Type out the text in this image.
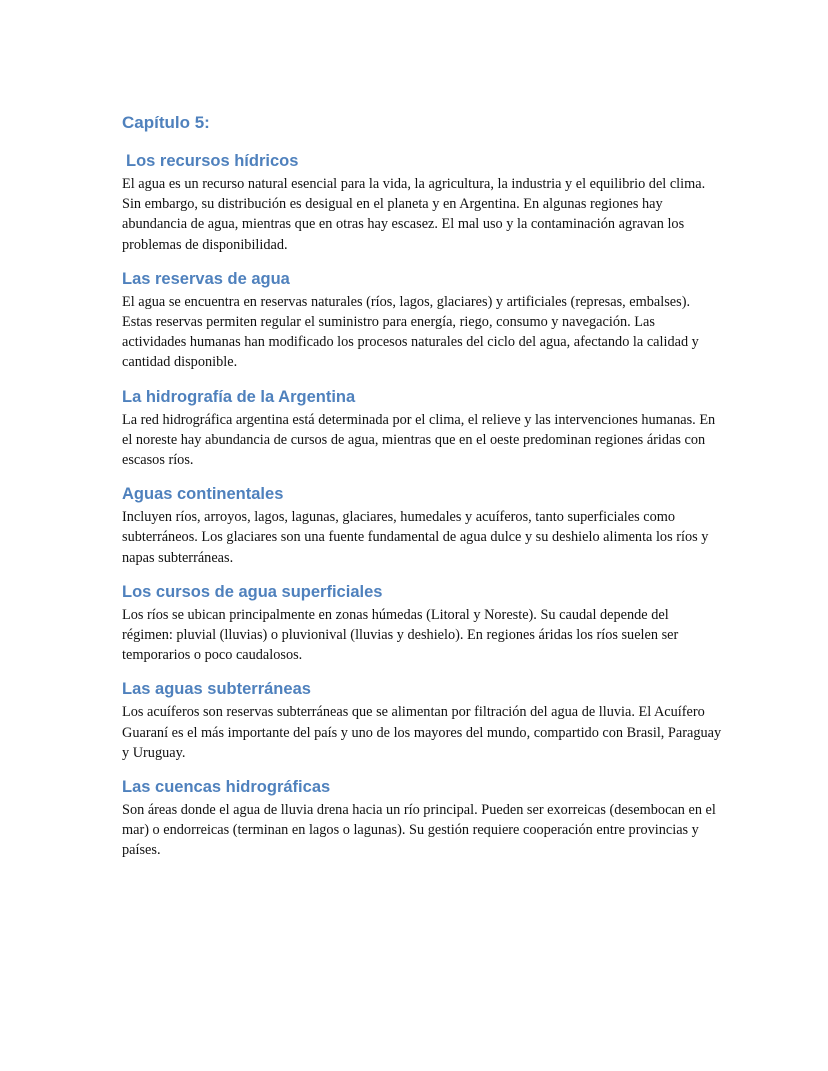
Capítulo 5:
Los recursos hídricos

El agua es un recurso natural esencial para la vida, la agricultura, la industria y el equilibrio del clima. Sin embargo, su distribución es desigual en el planeta y en Argentina. En algunas regiones hay abundancia de agua, mientras que en otras hay escasez. El mal uso y la contaminación agravan los problemas de disponibilidad.

Las reservas de agua

El agua se encuentra en reservas naturales (ríos, lagos, glaciares) y artificiales (represas, embalses). Estas reservas permiten regular el suministro para energía, riego, consumo y navegación. Las actividades humanas han modificado los procesos naturales del ciclo del agua, afectando la calidad y cantidad disponible.

La hidrografía de la Argentina

La red hidrográfica argentina está determinada por el clima, el relieve y las intervenciones humanas. En el noreste hay abundancia de cursos de agua, mientras que en el oeste predominan regiones áridas con escasos ríos.

Aguas continentales

Incluyen ríos, arroyos, lagos, lagunas, glaciares, humedales y acuíferos, tanto superficiales como subterráneos. Los glaciares son una fuente fundamental de agua dulce y su deshielo alimenta los ríos y napas subterráneas.

Los cursos de agua superficiales

Los ríos se ubican principalmente en zonas húmedas (Litoral y Noreste). Su caudal depende del régimen: pluvial (lluvias) o pluvionival (lluvias y deshielo). En regiones áridas los ríos suelen ser temporarios o poco caudalosos.

Las aguas subterráneas

Los acuíferos son reservas subterráneas que se alimentan por filtración del agua de lluvia. El Acuífero Guaraní es el más importante del país y uno de los mayores del mundo, compartido con Brasil, Paraguay y Uruguay.

Las cuencas hidrográficas

Son áreas donde el agua de lluvia drena hacia un río principal. Pueden ser exorreicas (desembocan en el mar) o endorreicas (terminan en lagos o lagunas). Su gestión requiere cooperación entre provincias y países.
